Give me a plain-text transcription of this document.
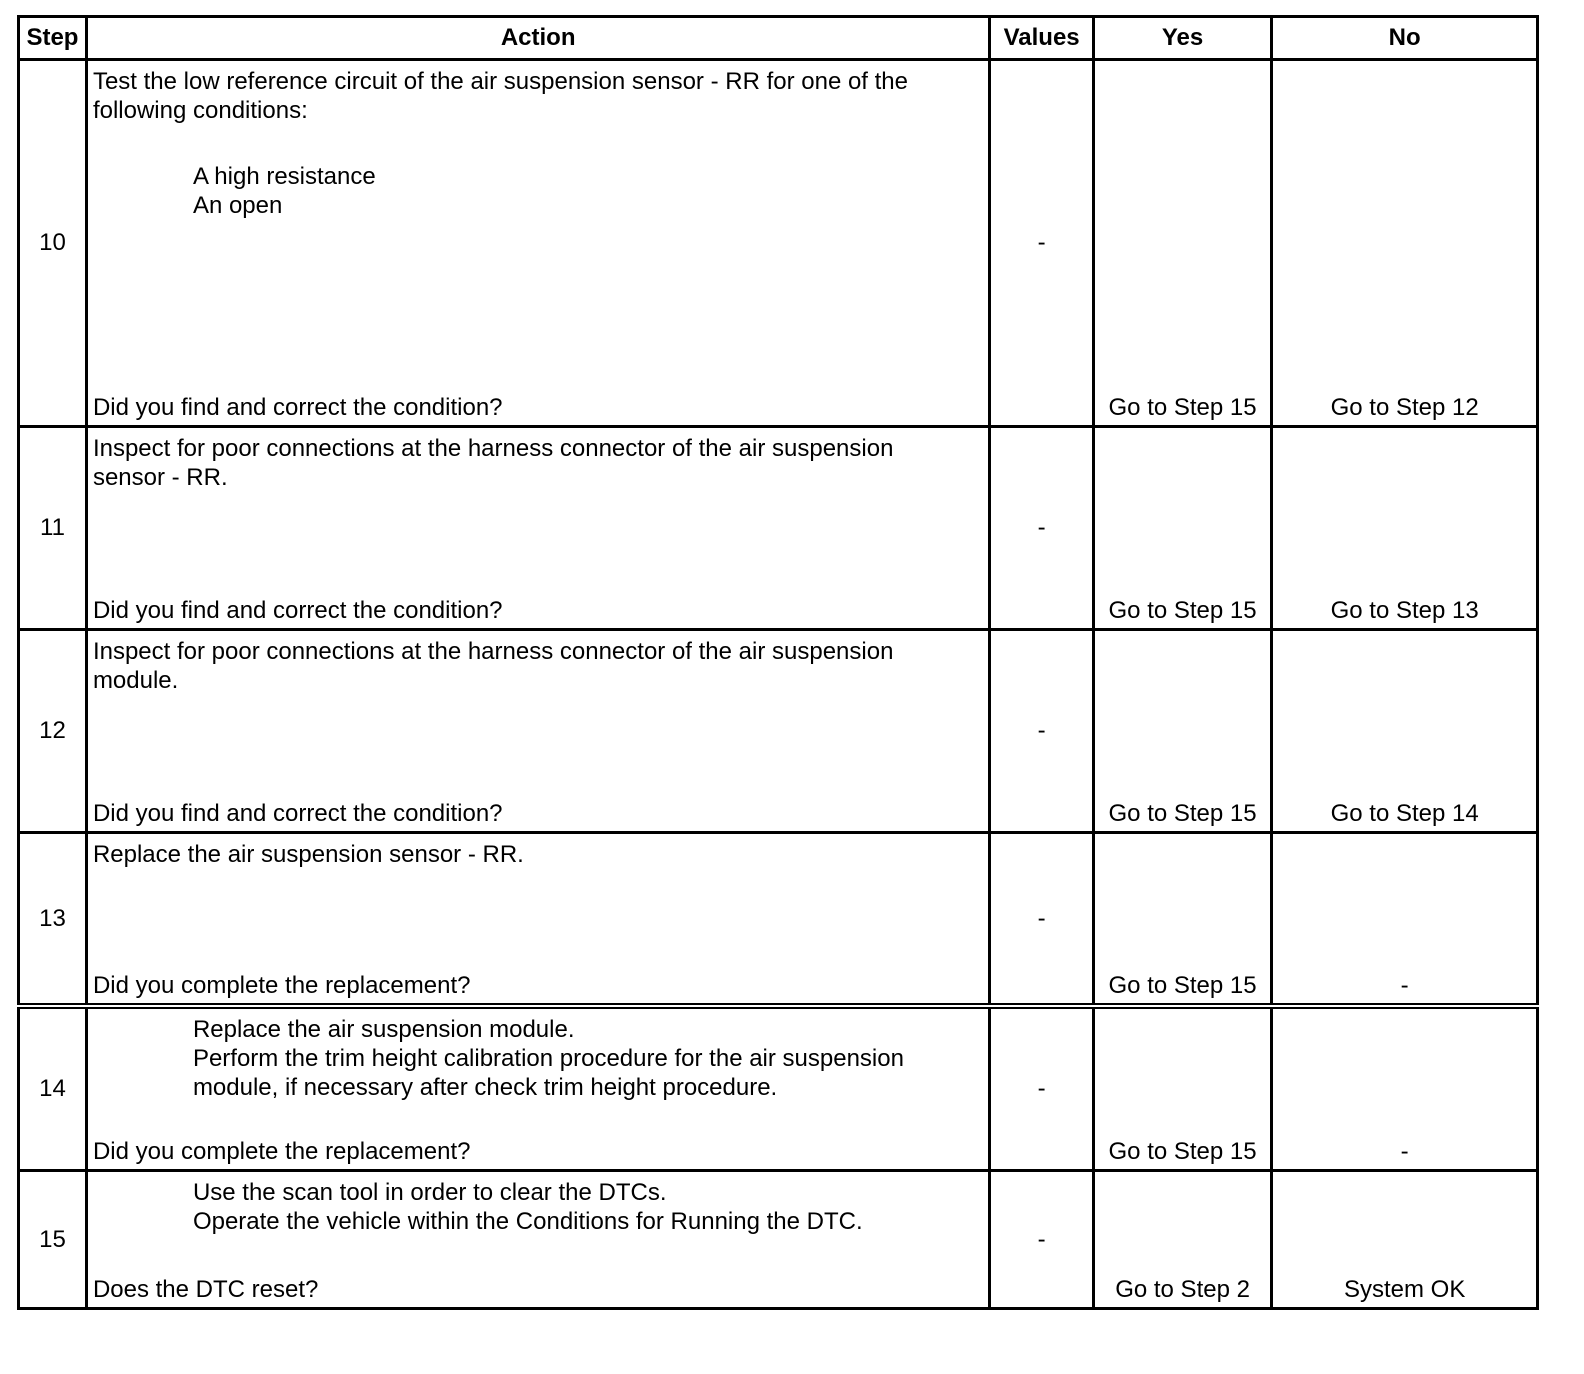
Step	Action	Values	Yes	No
10	Test the low reference circuit of the air suspension sensor - RR for one of the
following conditions:
A high resistance
An open
Did you find and correct the condition?	-	Go to Step 15	Go to Step 12

11	Inspect for poor connections at the harness connector of the air suspension
sensor - RR.
Did you find and correct the condition?	-	Go to Step 15	Go to Step 13

12	Inspect for poor connections at the harness connector of the air suspension
module.
Did you find and correct the condition?	-	Go to Step 15	Go to Step 14

13	Replace the air suspension sensor - RR.
Did you complete the replacement?	-	Go to Step 15	-

14	Replace the air suspension module.
Perform the trim height calibration procedure for the air suspension
module, if necessary after check trim height procedure.
Did you complete the replacement?	-	Go to Step 15	-

15	Use the scan tool in order to clear the DTCs.
Operate the vehicle within the Conditions for Running the DTC.
Does the DTC reset?	-	Go to Step 2	System OK
